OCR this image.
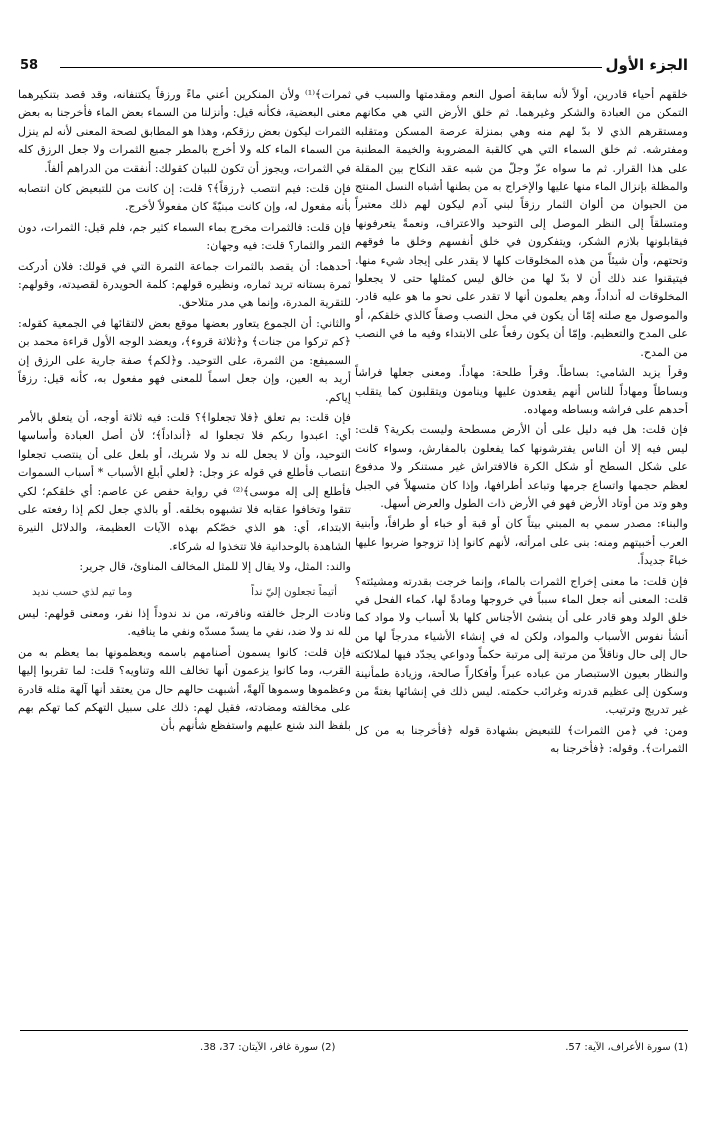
الجزء الأول
58

خلقهم أحياء قادرين، أولاً لأنه سابقة أصول النعم ومقدمتها والسبب في التمكن من العبادة والشكر وغيرهما. ثم خلق الأرض التي هي مكانهم ومستقرهم الذي لا بدّ لهم منه وهي بمنزلة عرصة المسكن ومتقلبه ومفترشه. ثم خلق السماء التي هي كالقبة المضروبة والخيمة المطنبة على هذا القرار. ثم ما سواه عزّ وجلّ من شبه عقد النكاح بين المقلة والمظلة بإنزال الماء منها عليها والإخراج به من بطنها أشباه النسل المنتج من الحيوان من ألوان الثمار رزقاً لبني آدم ليكون لهم ذلك معتبراً ومتسلقاً إلى النظر الموصل إلى التوحيد والاعتراف، ونعمةً يتعرفونها فيقابلونها بلازم الشكر، ويتفكرون في خلق أنفسهم وخلق ما فوقهم وتحتهم، وأن شيئاً من هذه المخلوقات كلها لا يقدر على إيجاد شيء منها. فيتيقنوا عند ذلك أن لا بدّ لها من خالق ليس كمثلها حتى لا يجعلوا المخلوقات له أنداداً، وهم يعلمون أنها لا تقدر على نحو ما هو عليه قادر. والموصول مع صلته إمّا أن يكون في محل النصب وصفاً كالذي خلقكم، أو على المدح والتعظيم. وإمّا أن يكون رفعاً على الابتداء وفيه ما في النصب من المدح.

وقرأ يزيد الشامي: بساطاً. وقرأ طلحة: مهاداً. ومعنى جعلها فراشاً وبساطاً ومهاداً للناس أنهم يقعدون عليها وينامون ويتقلبون كما يتقلب أحدهم على فراشه وبساطه ومهاده.

فإن قلت: هل فيه دليل على أن الأرض مسطحة وليست بكرية؟ قلت: ليس فيه إلا أن الناس يفترشونها كما يفعلون بالمفارش، وسواء كانت على شكل السطح أو شكل الكرة فالافتراش غير مستنكر ولا مدفوع لعظم حجمها واتساع جرمها وتباعد أطرافها، وإذا كان متسهلاً في الجبل وهو وتد من أوتاد الأرض فهو في الأرض ذات الطول والعرض أسهل.

والبناء: مصدر سمي به المبني بيتاً كان أو قبة أو خباء أو طرافاً، وأبنية العرب أخبيتهم ومنه: بنى على امرأته، لأنهم كانوا إذا تزوجوا ضربوا عليها خباءً جديداً.

فإن قلت: ما معنى إخراج الثمرات بالماء، وإنما خرجت بقدرته ومشيئته؟ قلت: المعنى أنه جعل الماء سبباً في خروجها ومادةً لها، كماء الفحل في خلق الولد وهو قادر على أن ينشئ الأجناس كلها بلا أسباب ولا مواد كما أنشأ نفوس الأسباب والمواد، ولكن له في إنشاء الأشياء مدرجاً لها من حال إلى حال وناقلاً من مرتبة إلى مرتبة حكماً ودواعي يجدّد فيها لملائكته والنظار بعيون الاستبصار من عباده عبراً وأفكاراً صالحة، وزيادة طمأنينة وسكون إلى عظيم قدرته وغرائب حكمته. ليس ذلك في إنشائها بغتةً من غير تدريج وترتيب.

ومن: في ﴿من الثمرات﴾ للتبعيض بشهادة قوله ﴿فأخرجنا به من كل الثمرات﴾. وقوله: ﴿فأخرجنا به

ثمرات﴾⁽¹⁾ ولأن المنكرين أعني ماءً ورزقاً يكتنفانه، وقد قصد بتنكيرهما معنى البعضية، فكأنه قيل: وأنزلنا من السماء بعض الماء فأخرجنا به بعض الثمرات ليكون بعض رزقكم، وهذا هو المطابق لصحة المعنى لأنه لم ينزل من السماء الماء كله ولا أخرج بالمطر جميع الثمرات ولا جعل الرزق كله في الثمرات، ويجوز أن تكون للبيان كقولك: أنفقت من الدراهم ألفاً.

فإن قلت: فيم انتصب ﴿رزقاً﴾؟ قلت: إن كانت من للتبعيض كان انتصابه بأنه مفعول له، وإن كانت مبنيّةً كان مفعولاً لأخرج.

فإن قلت: فالثمرات مخرج بماء السماء كثير جم، فلم قيل: الثمرات، دون الثمر والثمار؟ قلت: فيه وجهان:

أحدهما: أن يقصد بالثمرات جماعة الثمرة التي في قولك: فلان أدركت ثمرة بستانه تريد ثماره، ونظيره قولهم: كلمة الحويدرة لقصيدته، وقولهم: للتقرية المدرة، وإنما هي مدر متلاحق.

والثاني: أن الجموع يتعاور بعضها موقع بعض لالتقائها في الجمعية كقوله: ﴿كم تركوا من جنات﴾ و﴿ثلاثة قروء﴾، ويعضد الوجه الأول قراءة محمد بن السميفع: من الثمرة، على التوحيد. و﴿لكم﴾ صفة جارية على الرزق إن أريد به العين، وإن جعل اسماً للمعنى فهو مفعول به، كأنه قيل: رزقاً إياكم.

فإن قلت: بم تعلق ﴿فلا تجعلوا﴾؟ قلت: فيه ثلاثة أوجه، أن يتعلق بالأمر أي: اعبدوا ربكم فلا تجعلوا له ﴿أنداداً﴾؛ لأن أصل العبادة وأساسها التوحيد، وأن لا يجعل لله ند ولا شريك، أو بلعل على أن ينتصب تجعلوا انتصاب فأطلع في قوله عز وجل: ﴿لعلي أبلغ الأسباب * أسباب السموات فأطلع إلى إله موسى﴾⁽²⁾ في رواية حفص عن عاصم: أي خلقكم؛ لكي تتقوا وتخافوا عقابه فلا تشبهوه بخلقه. أو بالذي جعل لكم إذا رفعته على الابتداء، أي: هو الذي خصّكم بهذه الآيات العظيمة، والدلائل النيرة الشاهدة بالوحدانية فلا تتخذوا له شركاء.

والند: المثل، ولا يقال إلا للمثل المخالف المناوئ، قال جرير:

أتيماً تجعلون إليّ نداً
وما تيم لذي حسب نديد

ونادت الرجل خالفته ونافرته، من ند ندوداً إذا نفر، ومعنى قولهم: ليس لله ند ولا ضد، نفي ما يسدّ مسدّه ونفي ما ينافيه.

فإن قلت: كانوا يسمون أصنامهم باسمه ويعظمونها بما يعظم به من القرب، وما كانوا يزعمون أنها تخالف الله وتناويه؟ قلت: لما تقربوا إليها وعظموها وسموها آلهةً، أشبهت حالهم حال من يعتقد أنها آلهة مثله قادرة على مخالفته ومضادته، فقيل لهم: ذلك على سبيل التهكم كما تهكم بهم بلفظ الند شنع عليهم واستفظع شأنهم بأن

(1) سورة الأعراف، الآية: 57.
(2) سورة غافر، الآيتان: 37، 38.
